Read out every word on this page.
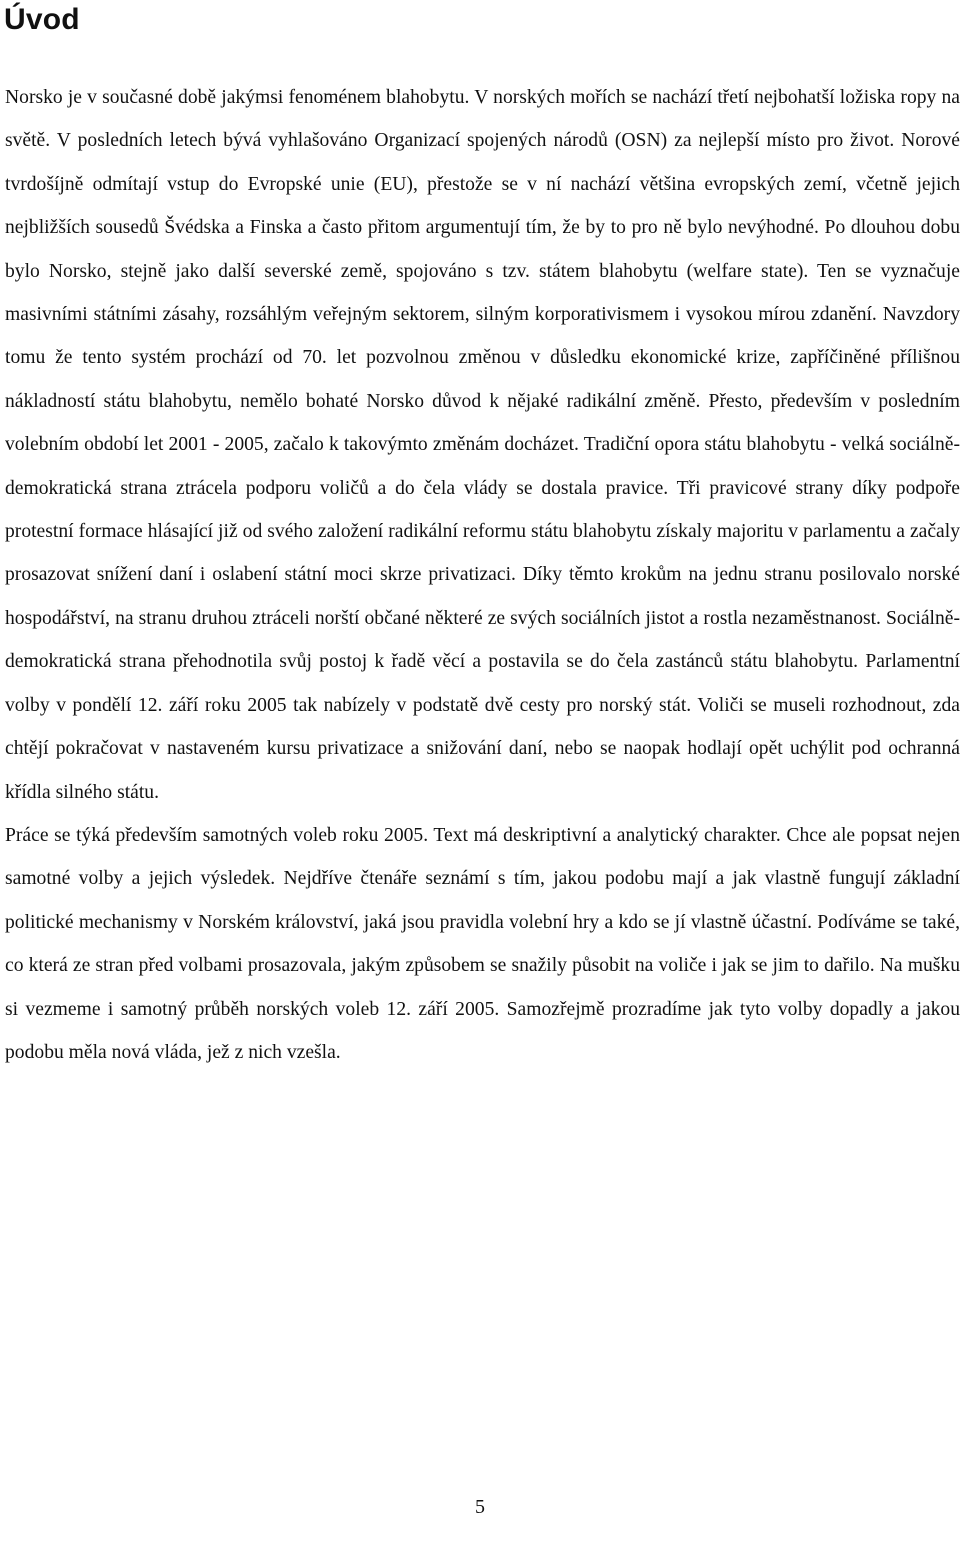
Úvod

Norsko je v současné době jakýmsi fenoménem blahobytu. V norských mořích se nachází třetí nejbohatší ložiska ropy na světě. V posledních letech bývá vyhlašováno Organizací spojených národů (OSN) za nejlepší místo pro život. Norové tvrdošíjně odmítají vstup do Evropské unie (EU), přestože se v ní nachází většina evropských zemí, včetně jejich nejbližších sousedů Švédska a Finska a často přitom argumentují tím, že by to pro ně bylo nevýhodné. Po dlouhou dobu bylo Norsko, stejně jako další severské země, spojováno s tzv. státem blahobytu (welfare state). Ten se vyznačuje masivními státními zásahy, rozsáhlým veřejným sektorem, silným korporativismem i vysokou mírou zdanění. Navzdory tomu že tento systém prochází od 70. let pozvolnou změnou v důsledku ekonomické krize, zapříčiněné přílišnou nákladností státu blahobytu, nemělo bohaté Norsko důvod k nějaké radikální změně. Přesto, především v posledním volebním období let 2001 - 2005, začalo k takovýmto změnám docházet. Tradiční opora státu blahobytu - velká sociálně-demokratická strana ztrácela podporu voličů a do čela vlády se dostala pravice. Tři pravicové strany díky podpoře protestní formace hlásající již od svého založení radikální reformu státu blahobytu získaly majoritu v parlamentu a začaly prosazovat snížení daní i oslabení státní moci skrze privatizaci. Díky těmto krokům na jednu stranu posilovalo norské hospodářství, na stranu druhou ztráceli norští občané některé ze svých sociálních jistot a rostla nezaměstnanost. Sociálně-demokratická strana přehodnotila svůj postoj k řadě věcí a postavila se do čela zastánců státu blahobytu. Parlamentní volby v pondělí 12. září roku 2005 tak nabízely v podstatě dvě cesty pro norský stát. Voliči se museli rozhodnout, zda chtějí pokračovat v nastaveném kursu privatizace a snižování daní, nebo se naopak hodlají opět uchýlit pod ochranná křídla silného státu.

Práce se týká především samotných voleb roku 2005. Text má deskriptivní a analytický charakter. Chce ale popsat nejen samotné volby a jejich výsledek. Nejdříve čtenáře seznámí s tím, jakou podobu mají a jak vlastně fungují základní politické mechanismy v Norském království, jaká jsou pravidla volební hry a kdo se jí vlastně účastní. Podíváme se také, co která ze stran před volbami prosazovala, jakým způsobem se snažily působit na voliče i jak se jim to dařilo. Na mušku si vezmeme i samotný průběh norských voleb 12. září 2005. Samozřejmě prozradíme jak tyto volby dopadly a jakou podobu měla nová vláda, jež z nich vzešla.

5
